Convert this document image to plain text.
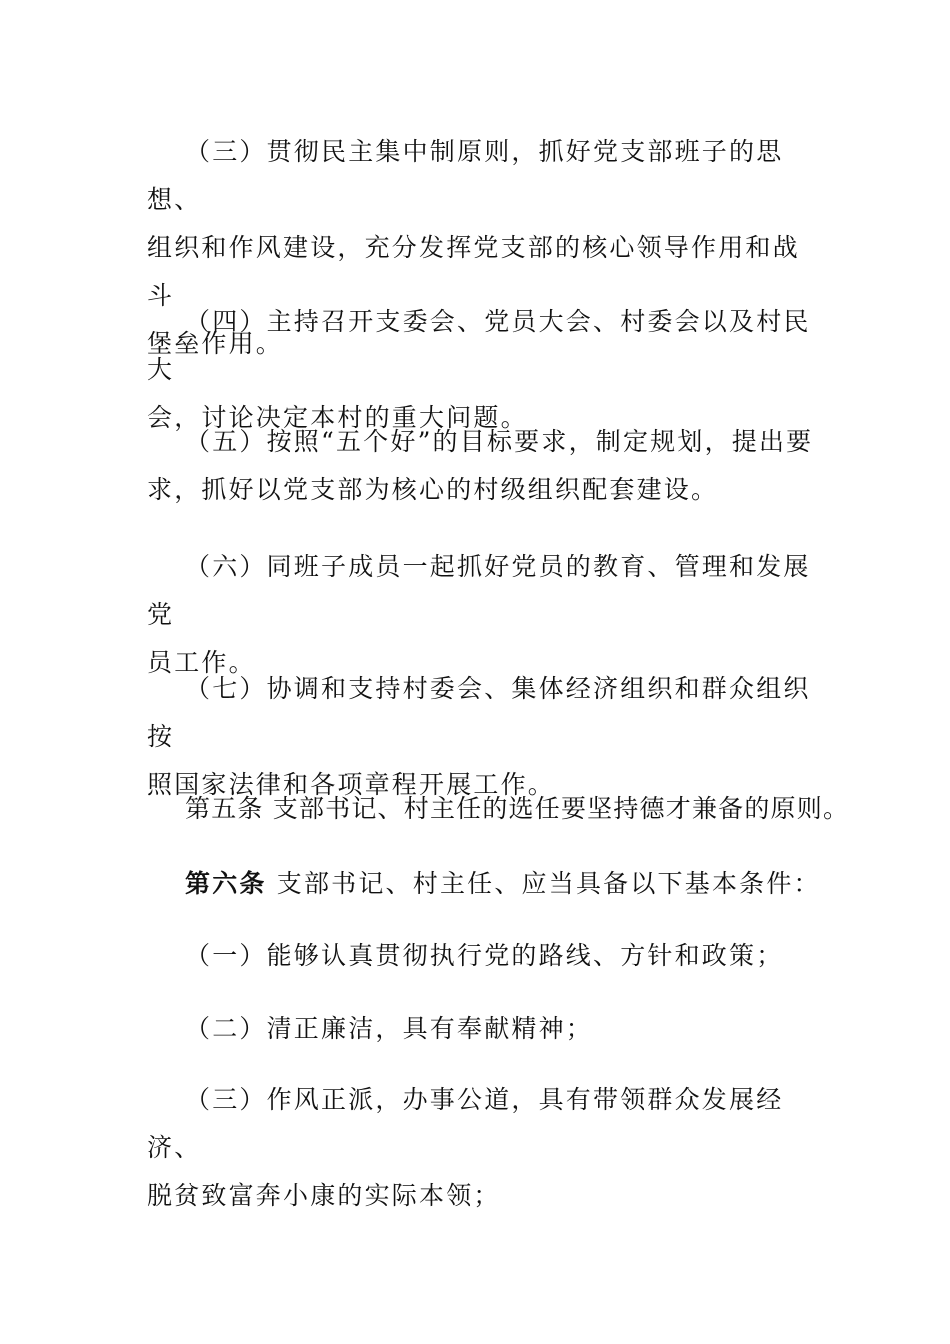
（三）贯彻民主集中制原则，抓好党支部班子的思想、
组织和作风建设，充分发挥党支部的核心领导作用和战斗
堡垒作用。

（四）主持召开支委会、党员大会、村委会以及村民大
会，讨论决定本村的重大问题。

（五）按照“五个好”的目标要求，制定规划，提出要
求，抓好以党支部为核心的村级组织配套建设。

（六）同班子成员一起抓好党员的教育、管理和发展党
员工作。

（七）协调和支持村委会、集体经济组织和群众组织按
照国家法律和各项章程开展工作。

第五条 支部书记、村主任的选任要坚持德才兼备的原则。

第六条 支部书记、村主任、应当具备以下基本条件：

（一）能够认真贯彻执行党的路线、方针和政策；

（二）清正廉洁，具有奉献精神；

（三）作风正派，办事公道，具有带领群众发展经济、
脱贫致富奔小康的实际本领；
